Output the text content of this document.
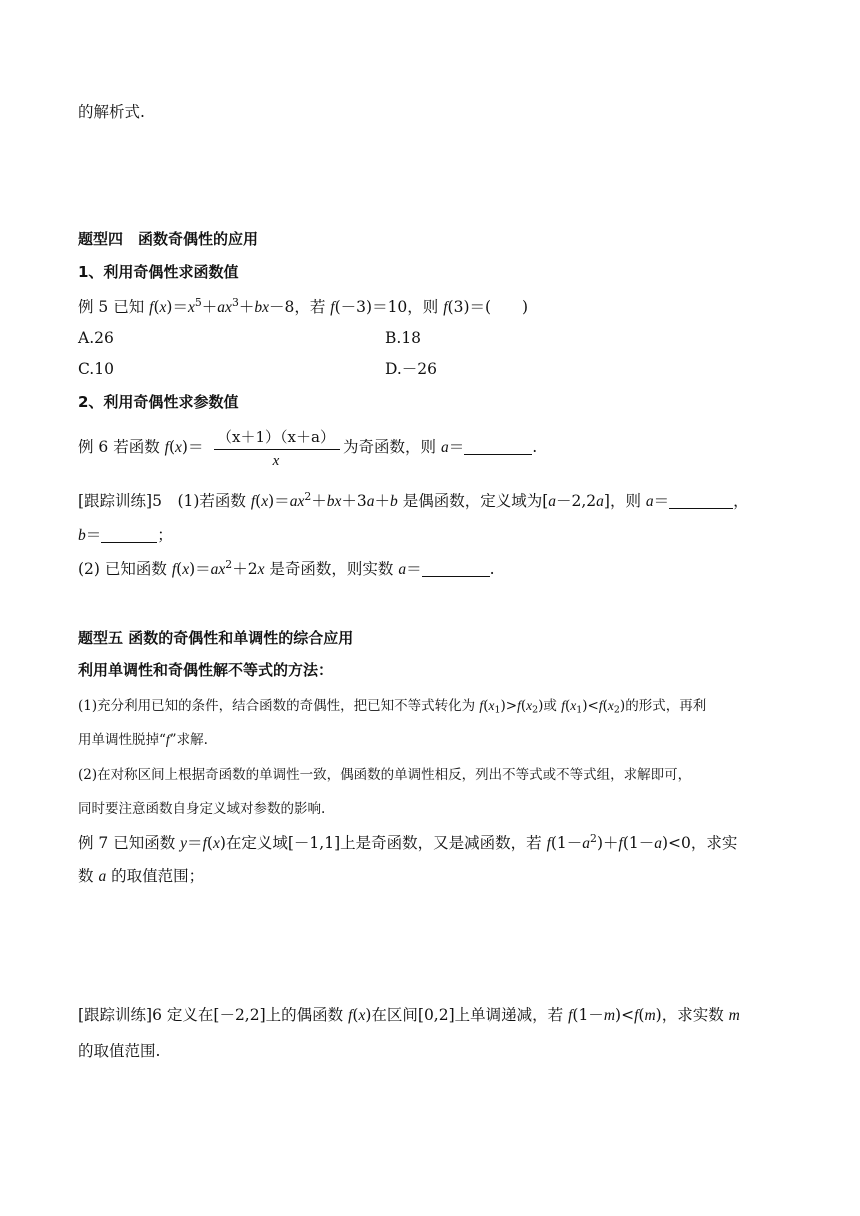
的解析式.
题型四　函数奇偶性的应用
1、利用奇偶性求函数值
例 5 已知 $f(x)=x^5+ax^3+bx-8$，若 f(－3)＝10，则 f(3)＝(　　)
A.26	B.18
C.10	D.－26
2、利用奇偶性求参数值
例 6 若函数 f(x)＝
（x＋1）（x＋a）
x
为奇函数，则 a＝	.
[跟踪训练]5　(1)若函数 $f(x)=ax^2+bx+3a+b$ 是偶函数，定义域为[a－2,2a]，则 a＝	，
b＝	；
(2) 已知函数 $f(x)=ax^2+2x$ 是奇函数，则实数 a＝	.
题型五 函数的奇偶性和单调性的综合应用
利用单调性和奇偶性解不等式的方法：
(1)充分利用已知的条件，结合函数的奇偶性，把已知不等式转化为 $f(x_1)>f(x_2)$或 $f(x_1)<f(x_2)$的形式，再利
用单调性脱掉“f”求解.
(2)在对称区间上根据奇函数的单调性一致，偶函数的单调性相反，列出不等式或不等式组，求解即可，
同时要注意函数自身定义域对参数的影响.
例 7 已知函数 y＝f(x)在定义域[－1,1]上是奇函数，又是减函数，若 $f(1-a^2)+f(1-a)<0$，求实
数 a 的取值范围；
[跟踪训练]6 定义在[－2,2]上的偶函数 f(x)在区间[0,2]上单调递减，若 f(1－m)<f(m)，求实数 m
的取值范围.
